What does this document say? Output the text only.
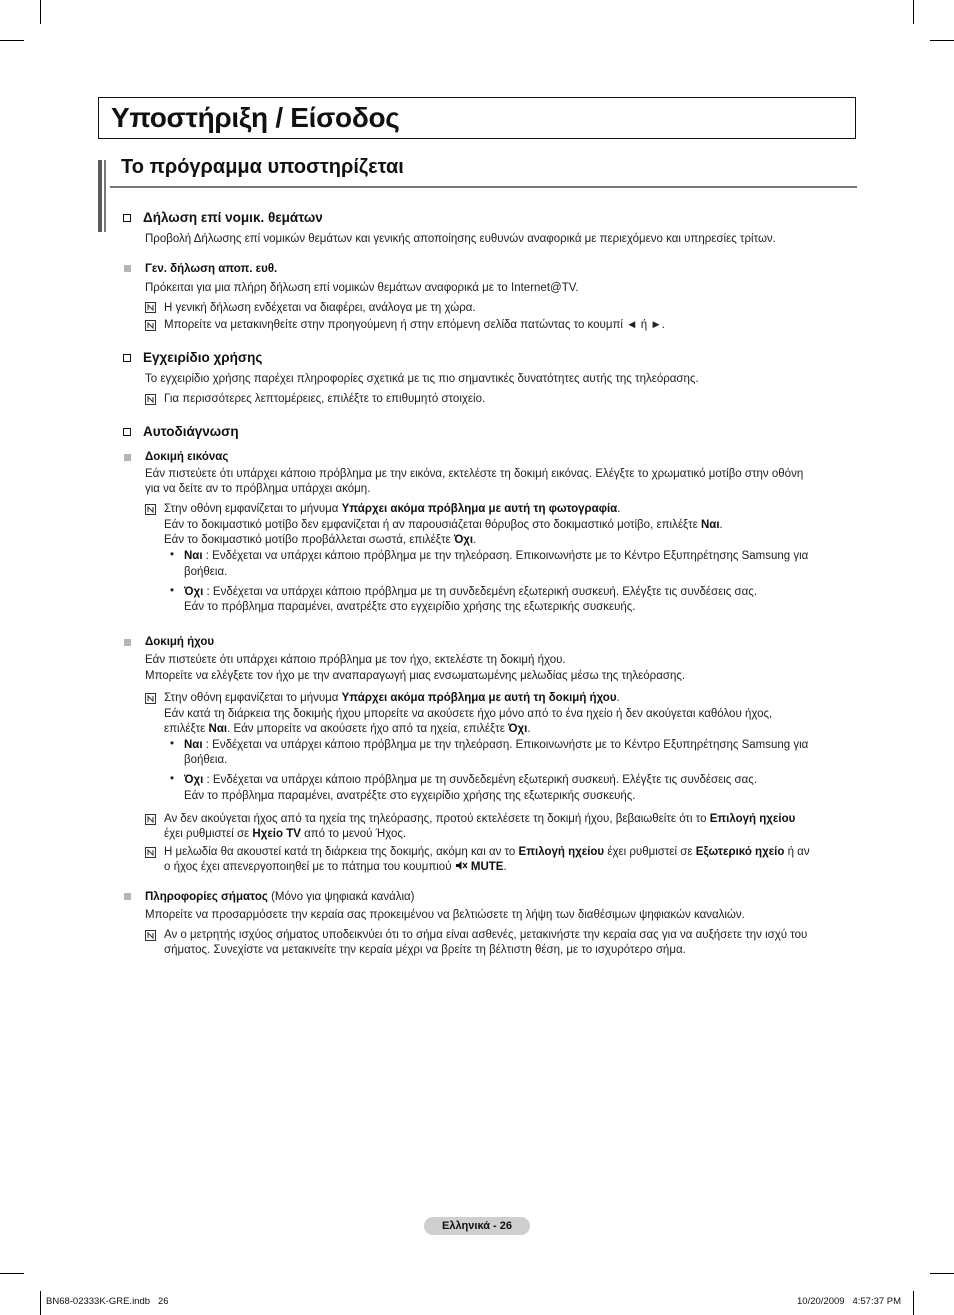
Υποστήριξη / Είσοδος
Το πρόγραμμα υποστηρίζεται
Δήλωση επί νομικ. θεμάτων
Προβολή Δήλωσης επί νομικών θεμάτων και γενικής αποποίησης ευθυνών αναφορικά με περιεχόμενο και υπηρεσίες τρίτων.
Γεν. δήλωση αποπ. ευθ.
Πρόκειται για μια πλήρη δήλωση επί νομικών θεμάτων αναφορικά με το Internet@TV.
Η γενική δήλωση ενδέχεται να διαφέρει, ανάλογα με τη χώρα.
Μπορείτε να μετακινηθείτε στην προηγούμενη ή στην επόμενη σελίδα πατώντας το κουμπί ◄ ή ►.
Εγχειρίδιο χρήσης
Το εγχειρίδιο χρήσης παρέχει πληροφορίες σχετικά με τις πιο σημαντικές δυνατότητες αυτής της τηλεόρασης.
Για περισσότερες λεπτομέρειες, επιλέξτε το επιθυμητό στοιχείο.
Αυτοδιάγνωση
Δοκιμή εικόνας
Εάν πιστεύετε ότι υπάρχει κάποιο πρόβλημα με την εικόνα, εκτελέστε τη δοκιμή εικόνας. Ελέγξτε το χρωματικό μοτίβο στην οθόνη
για να δείτε αν το πρόβλημα υπάρχει ακόμη.
Στην οθόνη εμφανίζεται το μήνυμα Υπάρχει ακόμα πρόβλημα με αυτή τη φωτογραφία.
Εάν το δοκιμαστικό μοτίβο δεν εμφανίζεται ή αν παρουσιάζεται θόρυβος στο δοκιμαστικό μοτίβο, επιλέξτε Ναι.
Εάν το δοκιμαστικό μοτίβο προβάλλεται σωστά, επιλέξτε Όχι.
• Ναι : Ενδέχεται να υπάρχει κάποιο πρόβλημα με την τηλεόραση. Επικοινωνήστε με το Κέντρο Εξυπηρέτησης Samsung για
βοήθεια.
• Όχι : Ενδέχεται να υπάρχει κάποιο πρόβλημα με τη συνδεδεμένη εξωτερική συσκευή. Ελέγξτε τις συνδέσεις σας.
Εάν το πρόβλημα παραμένει, ανατρέξτε στο εγχειρίδιο χρήσης της εξωτερικής συσκευής.
Δοκιμή ήχου
Εάν πιστεύετε ότι υπάρχει κάποιο πρόβλημα με τον ήχο, εκτελέστε τη δοκιμή ήχου.
Μπορείτε να ελέγξετε τον ήχο με την αναπαραγωγή μιας ενσωματωμένης μελωδίας μέσω της τηλεόρασης.
Στην οθόνη εμφανίζεται το μήνυμα Υπάρχει ακόμα πρόβλημα με αυτή τη δοκιμή ήχου.
Εάν κατά τη διάρκεια της δοκιμής ήχου μπορείτε να ακούσετε ήχο μόνο από το ένα ηχείο ή δεν ακούγεται καθόλου ήχος,
επιλέξτε Ναι. Εάν μπορείτε να ακούσετε ήχο από τα ηχεία, επιλέξτε Όχι.
• Ναι : Ενδέχεται να υπάρχει κάποιο πρόβλημα με την τηλεόραση. Επικοινωνήστε με το Κέντρο Εξυπηρέτησης Samsung για
βοήθεια.
• Όχι : Ενδέχεται να υπάρχει κάποιο πρόβλημα με τη συνδεδεμένη εξωτερική συσκευή. Ελέγξτε τις συνδέσεις σας.
Εάν το πρόβλημα παραμένει, ανατρέξτε στο εγχειρίδιο χρήσης της εξωτερικής συσκευής.
Αν δεν ακούγεται ήχος από τα ηχεία της τηλεόρασης, προτού εκτελέσετε τη δοκιμή ήχου, βεβαιωθείτε ότι το Επιλογή ηχείου
έχει ρυθμιστεί σε Ηχείο TV από το μενού Ήχος.
Η μελωδία θα ακουστεί κατά τη διάρκεια της δοκιμής, ακόμη και αν το Επιλογή ηχείου έχει ρυθμιστεί σε Εξωτερικό ηχείο ή αν
ο ήχος έχει απενεργοποιηθεί με το πάτημα του κουμπιού  MUTE.
Πληροφορίες σήματος (Μόνο για ψηφιακά κανάλια)
Μπορείτε να προσαρμόσετε την κεραία σας προκειμένου να βελτιώσετε τη λήψη των διαθέσιμων ψηφιακών καναλιών.
Αν ο μετρητής ισχύος σήματος υποδεικνύει ότι το σήμα είναι ασθενές, μετακινήστε την κεραία σας για να αυξήσετε την ισχύ του
σήματος. Συνεχίστε να μετακινείτε την κεραία μέχρι να βρείτε τη βέλτιστη θέση, με το ισχυρότερο σήμα.
Ελληνικά - 26
BN68-02333K-GRE.indb   26	10/20/2009   4:57:37 PM
